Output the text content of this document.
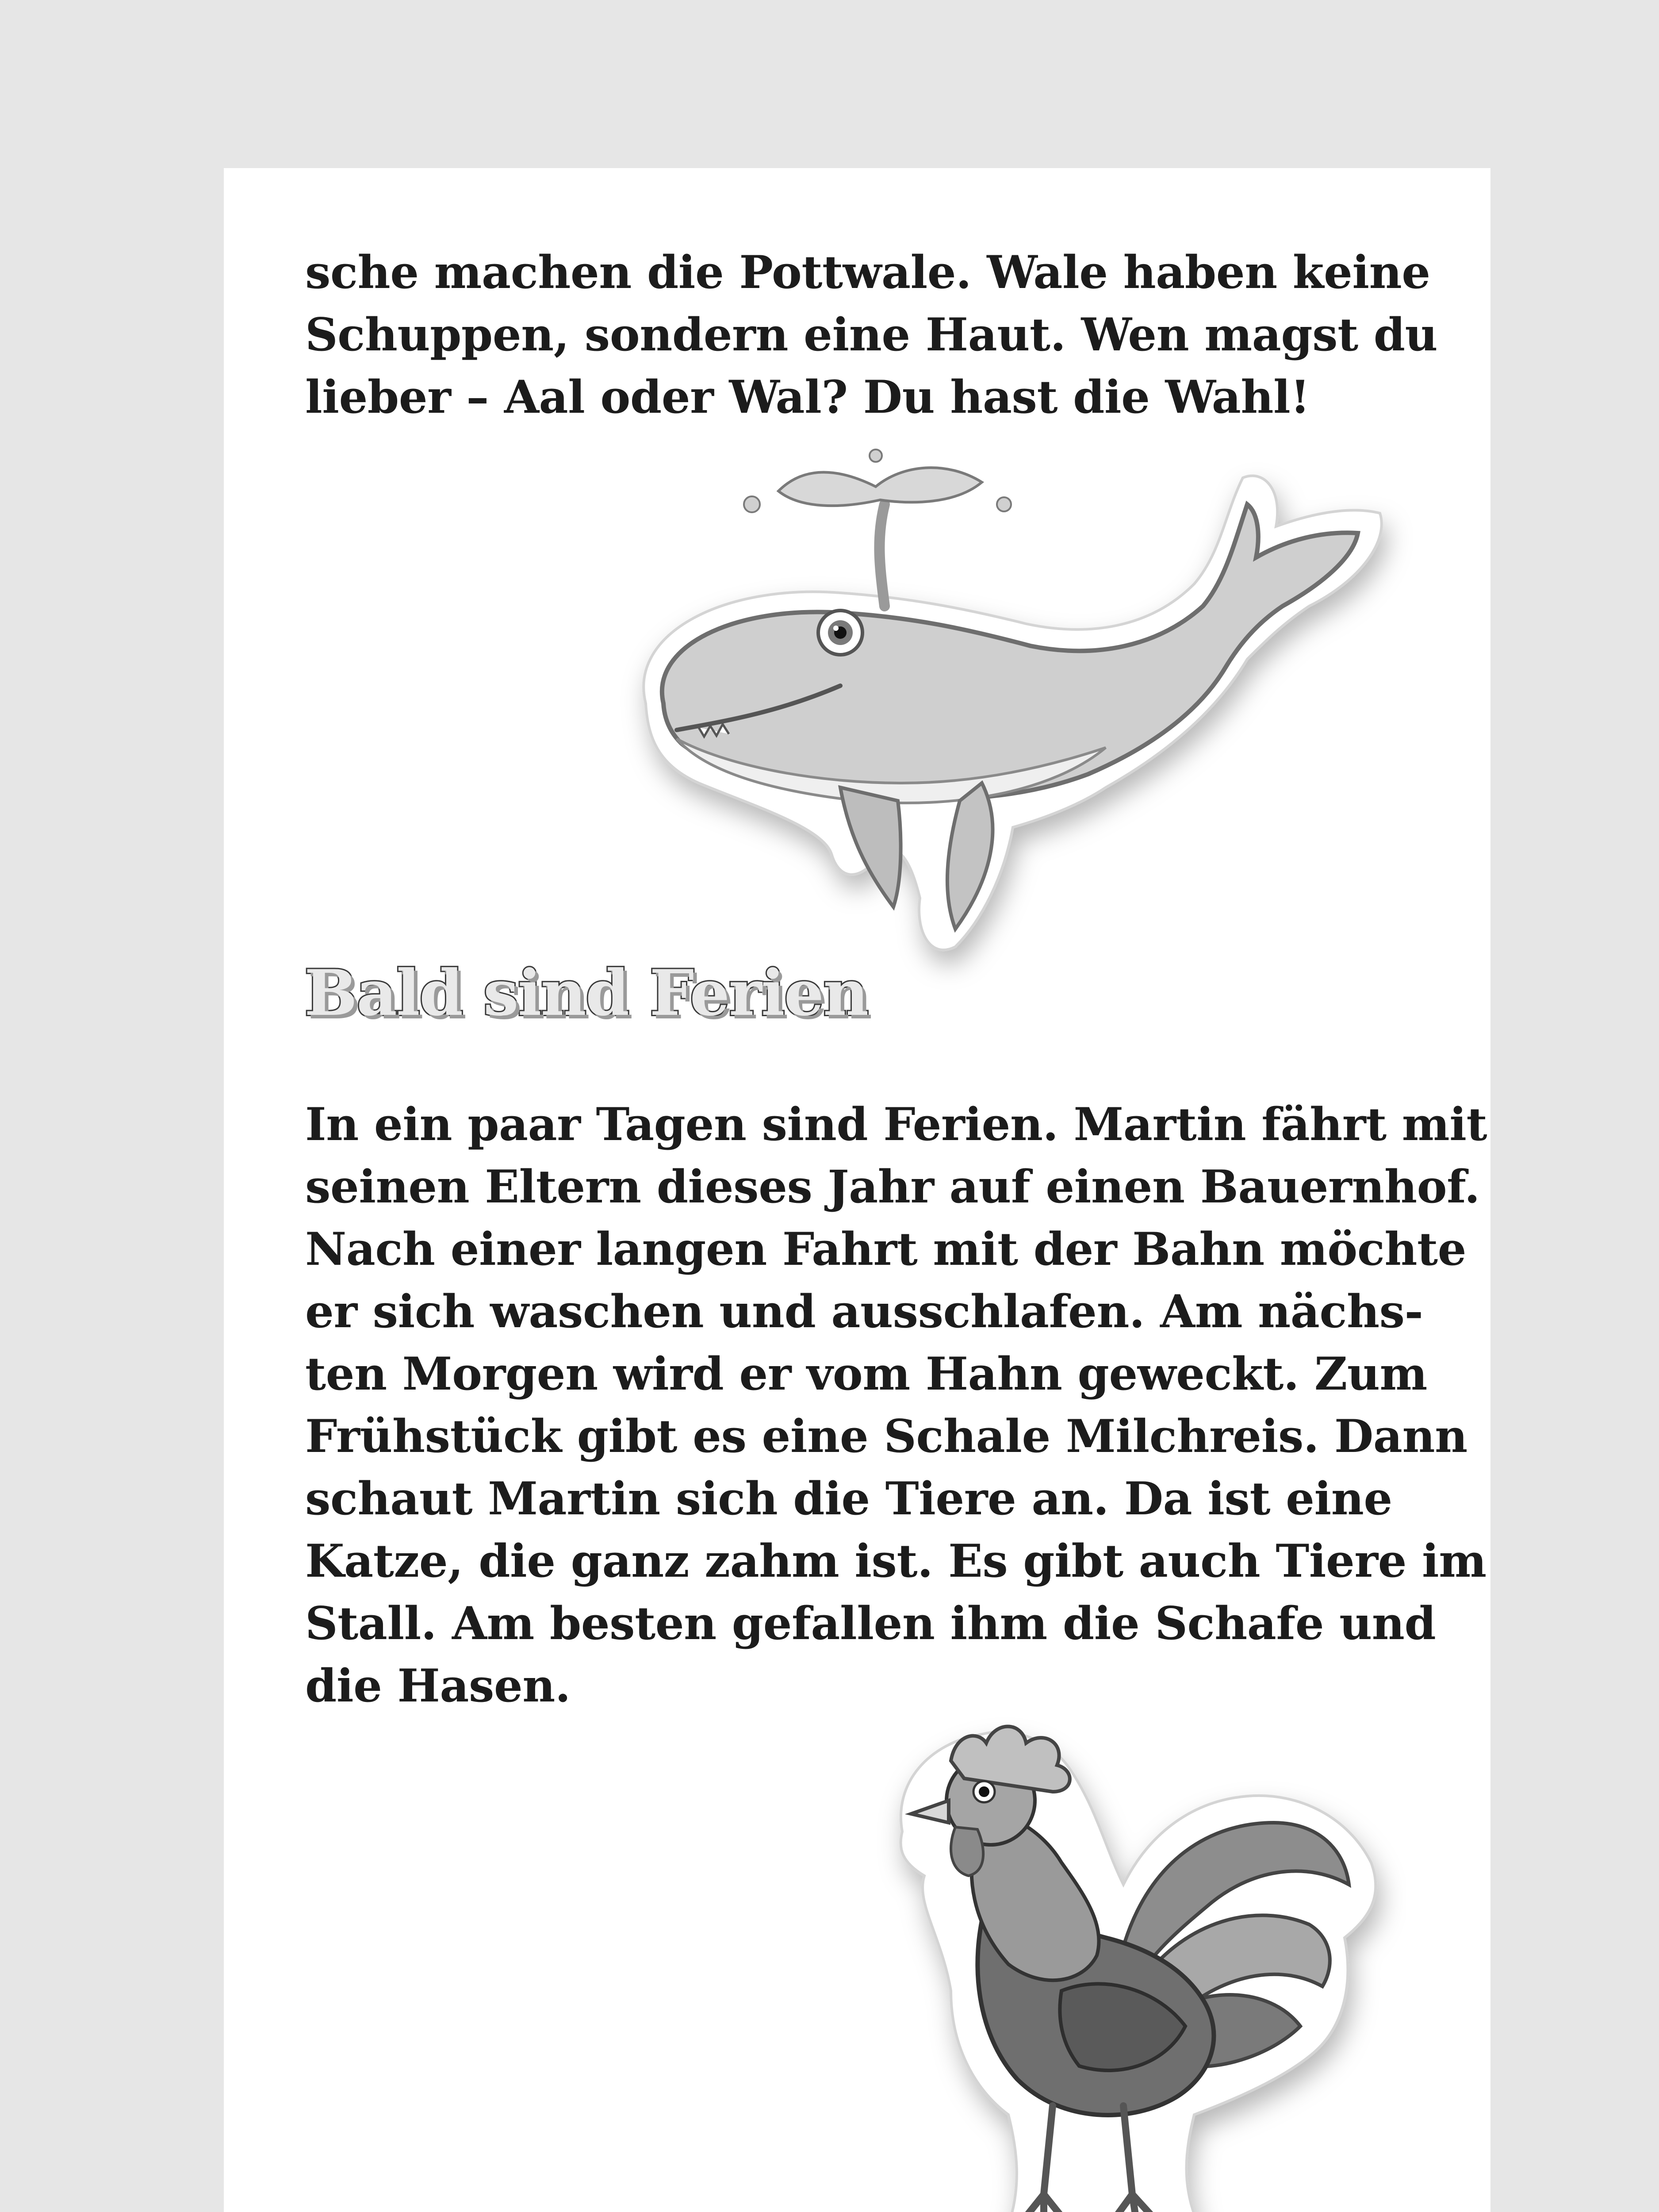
sche machen die Pottwale. Wale haben keine
Schuppen, sondern eine Haut. Wen magst du
lieber – Aal oder Wal? Du hast die Wahl!

Bald sind Ferien

In ein paar Tagen sind Ferien. Martin fährt mit
seinen Eltern dieses Jahr auf einen Bauernhof.
Nach einer langen Fahrt mit der Bahn möchte
er sich waschen und ausschlafen. Am nächs-
ten Morgen wird er vom Hahn geweckt. Zum
Frühstück gibt es eine Schale Milchreis. Dann
schaut Martin sich die Tiere an. Da ist eine
Katze, die ganz zahm ist. Es gibt auch Tiere im
Stall. Am besten gefallen ihm die Schafe und
die Hasen.
